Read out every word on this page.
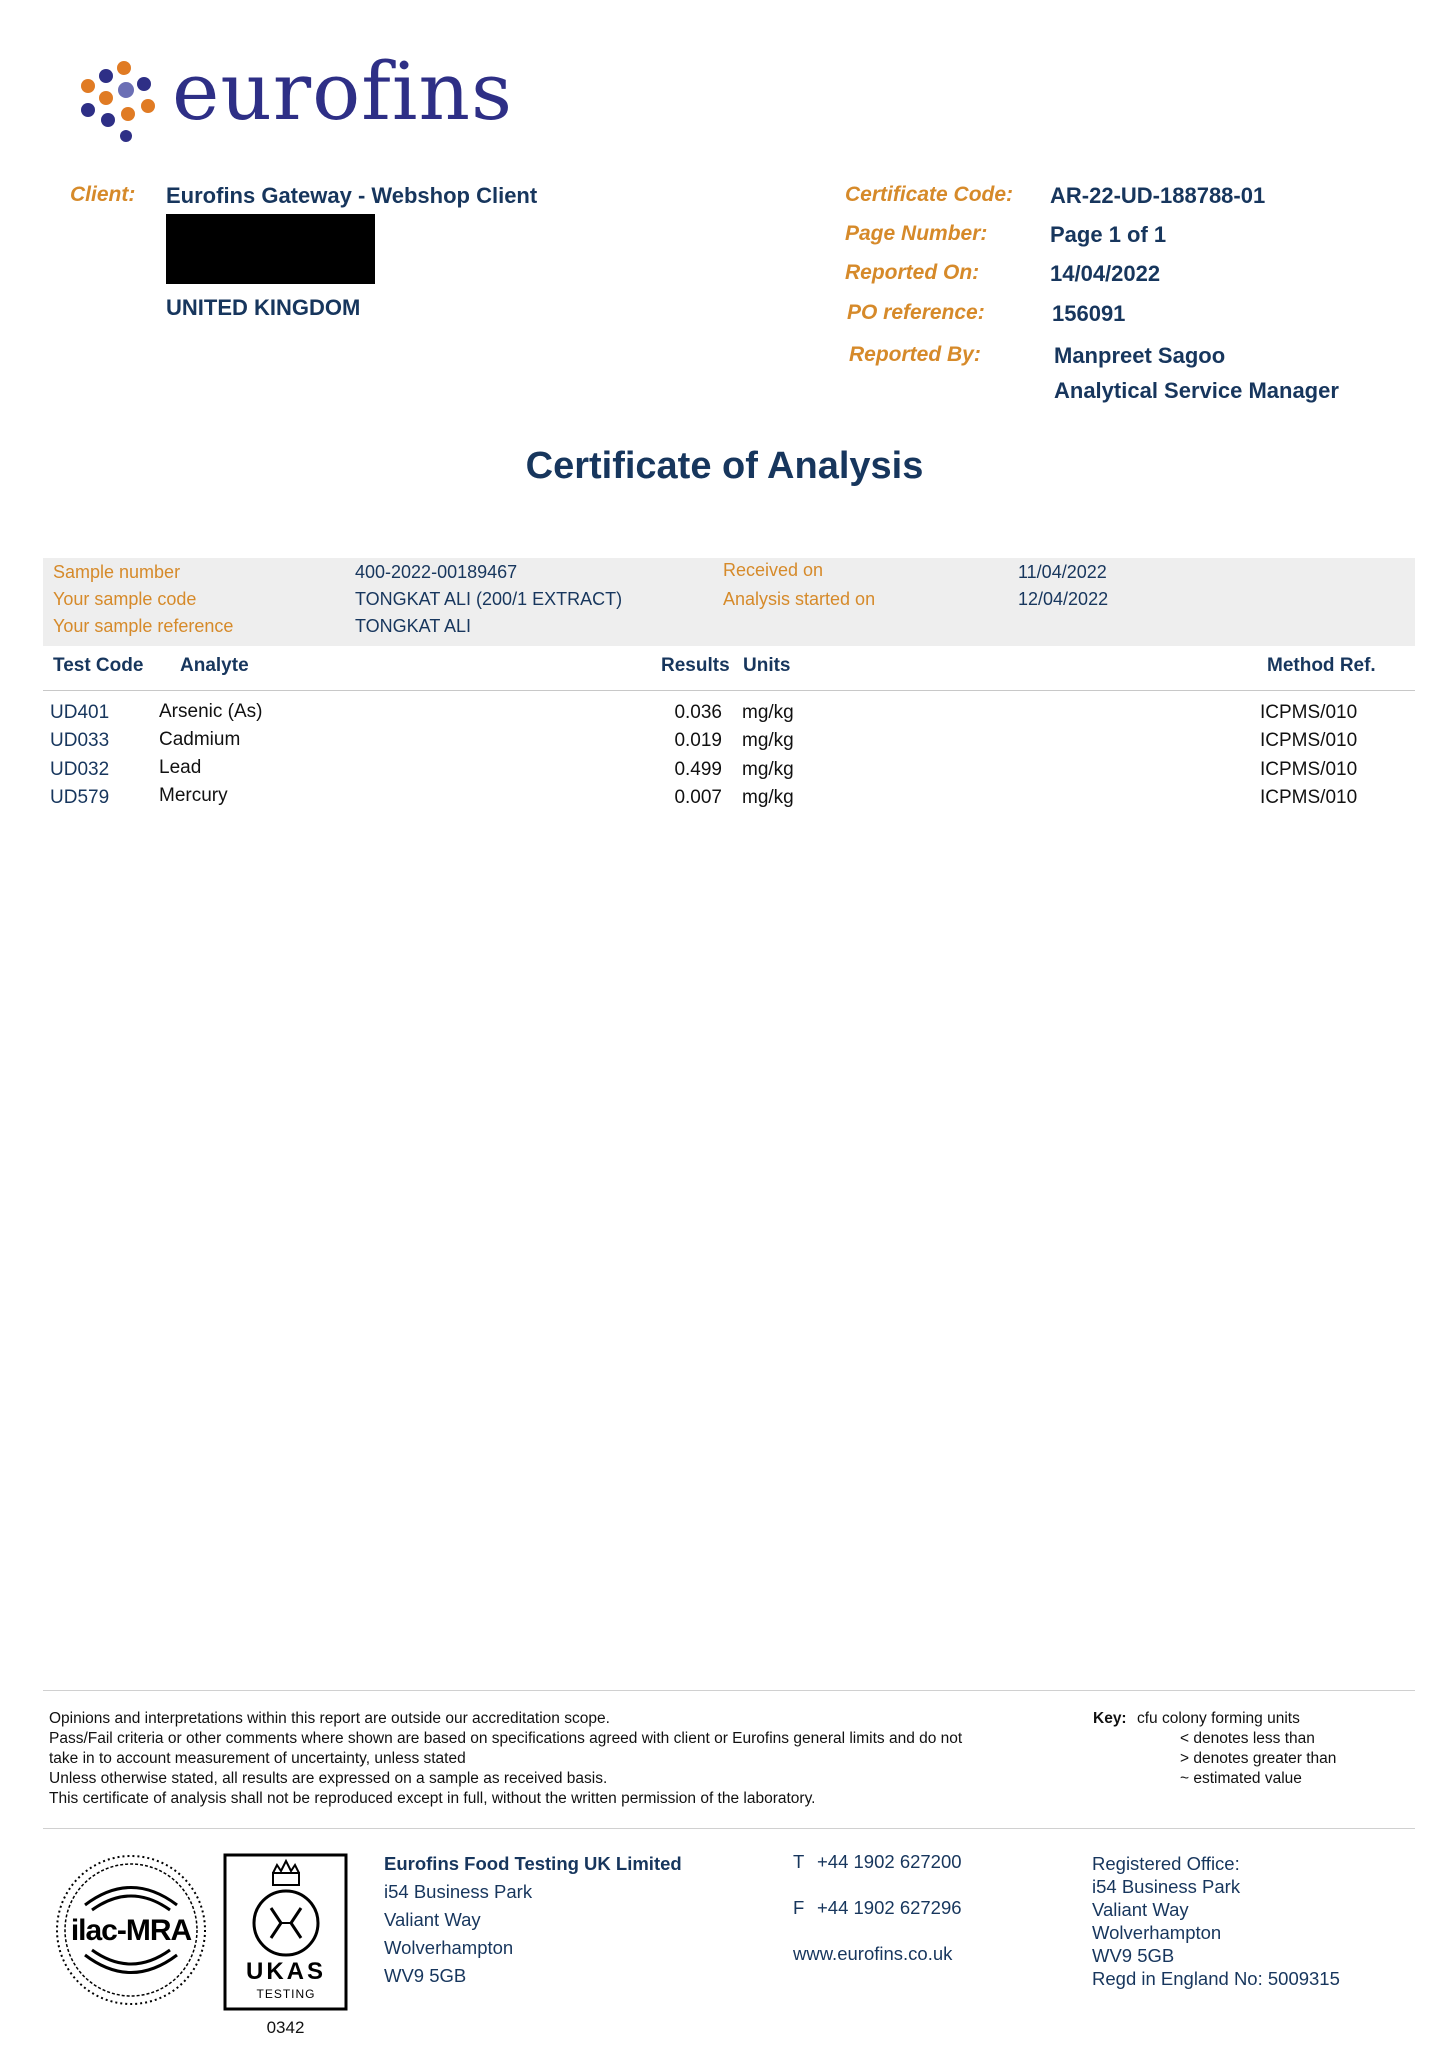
eurofins
Client: Eurofins Gateway - Webshop Client
UNITED KINGDOM
Certificate Code: AR-22-UD-188788-01
Page Number:	Page 1 of 1
Reported On:	14/04/2022
PO reference:	156091
Reported By:	Manpreet Sagoo
Analytical Service Manager
Certificate of Analysis
Sample number	400-2022-00189467
Your sample code	TONGKAT ALI (200/1 EXTRACT)
Your sample reference	TONGKAT ALI
Received on	11/04/2022
Analysis started on	12/04/2022
Test Code Analyte	Results Units	Method Ref.
UD401	Arsenic (As)	0.036 mg/kg	ICPMS/010
UD033	Cadmium	0.019 mg/kg	ICPMS/010
UD032	Lead	0.499 mg/kg	ICPMS/010
UD579	Mercury	0.007 mg/kg	ICPMS/010
Opinions and interpretations within this report are outside our accreditation scope.
Pass/Fail criteria or other comments where shown are based on specifications agreed with client or Eurofins general limits and do not
take in to account measurement of uncertainty, unless stated
Unless otherwise stated, all results are expressed on a sample as received basis.
This certificate of analysis shall not be reproduced except in full, without the written permission of the laboratory.
Key: cfu colony forming units
< denotes less than
> denotes greater than
~ estimated value
ilac-MRA
UKAS
TESTING
0342
Eurofins Food Testing UK Limited
i54 Business Park
Valiant Way
Wolverhampton
WV9 5GB
T +44 1902 627200
F +44 1902 627296
www.eurofins.co.uk
Registered Office:
i54 Business Park
Valiant Way
Wolverhampton
WV9 5GB
Regd in England No: 5009315
